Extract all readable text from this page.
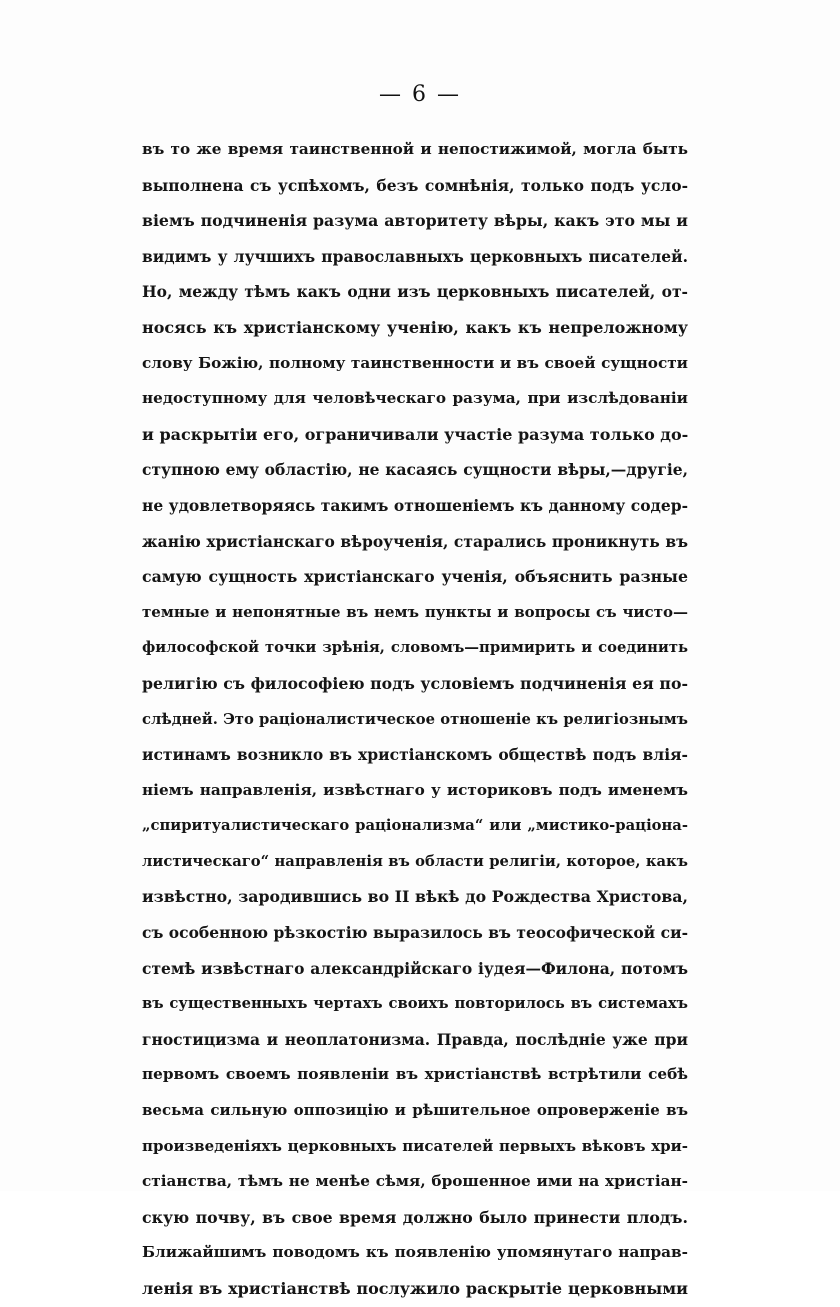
— 6 —
въ то же время таинственной и непостижимой, могла быть
выполнена съ успѣхомъ, безъ сомнѣнія, только подъ усло-
віемъ подчиненія разума авторитету вѣры, какъ это мы и
видимъ у лучшихъ православныхъ церковныхъ писателей.
Но, между тѣмъ какъ одни изъ церковныхъ писателей, от-
носясь къ христіанскому ученію, какъ къ непреложному
слову Божію, полному таинственности и въ своей сущности
недоступному для человѣческаго разума, при изслѣдованіи
и раскрытіи его, ограничивали участіе разума только до-
ступною ему областію, не касаясь сущности вѣры,—другіе,
не удовлетворяясь такимъ отношеніемъ къ данному содер-
жанію христіанскаго вѣроученія, старались проникнуть въ
самую сущность христіанскаго ученія, объяснить разные
темные и непонятные въ немъ пункты и вопросы съ чисто—
философской точки зрѣнія, словомъ—примирить и соединить
религію съ философіею подъ условіемъ подчиненія ея по-
слѣдней. Это раціоналистическое отношеніе къ религіознымъ
истинамъ возникло въ христіанскомъ обществѣ подъ влія-
ніемъ направленія, извѣстнаго у историковъ подъ именемъ
„спиритуалистическаго раціонализма“ или „мистико-раціона-
листическаго“ направленія въ области религіи, которое, какъ
извѣстно, зародившись во II вѣкѣ до Рождества Христова,
съ особенною рѣзкостію выразилось въ теософической си-
стемѣ извѣстнаго александрійскаго іудея—Филона, потомъ
въ существенныхъ чертахъ своихъ повторилось въ системахъ
гностицизма и неоплатонизма. Правда, послѣдніе уже при
первомъ своемъ появленіи въ христіанствѣ встрѣтили себѣ
весьма сильную оппозицію и рѣшительное опроверженіе въ
произведеніяхъ церковныхъ писателей первыхъ вѣковъ хри-
стіанства, тѣмъ не менѣе сѣмя, брошенное ими на христіан-
скую почву, въ свое время должно было принести плодъ.
Ближайшимъ поводомъ къ появленію упомянутаго направ-
ленія въ христіанствѣ послужило раскрытіе церковными
